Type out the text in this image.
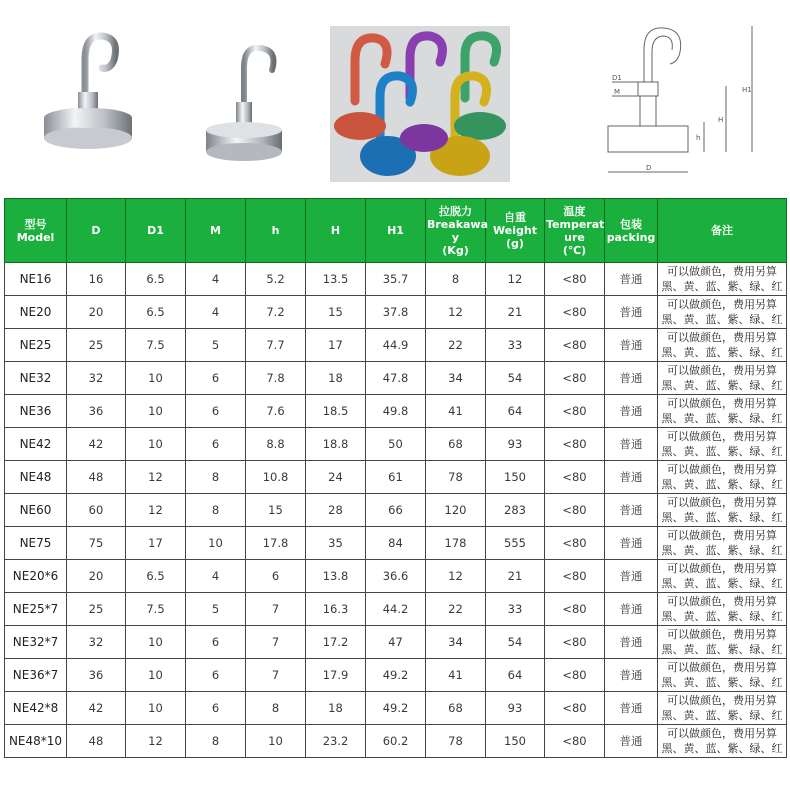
D1
M
D
h
H
H1
型号
Model	D	D1	M	h	H	H1	拉脱力
Breakawa
y
(Kg)	自重
Weight
(g)	温度
Temperat
ure
(℃)	包装
packing	备注
NE16	16	6.5	4	5.2	13.5	35.7	8	12	<80	普通	可以做颜色，费用另算
黑、黄、蓝、紫、绿、红

NE20	20	6.5	4	7.2	15	37.8	12	21	<80	普通	可以做颜色，费用另算
黑、黄、蓝、紫、绿、红

NE25	25	7.5	5	7.7	17	44.9	22	33	<80	普通	可以做颜色，费用另算
黑、黄、蓝、紫、绿、红

NE32	32	10	6	7.8	18	47.8	34	54	<80	普通	可以做颜色，费用另算
黑、黄、蓝、紫、绿、红

NE36	36	10	6	7.6	18.5	49.8	41	64	<80	普通	可以做颜色，费用另算
黑、黄、蓝、紫、绿、红

NE42	42	10	6	8.8	18.8	50	68	93	<80	普通	可以做颜色，费用另算
黑、黄、蓝、紫、绿、红

NE48	48	12	8	10.8	24	61	78	150	<80	普通	可以做颜色，费用另算
黑、黄、蓝、紫、绿、红

NE60	60	12	8	15	28	66	120	283	<80	普通	可以做颜色，费用另算
黑、黄、蓝、紫、绿、红

NE75	75	17	10	17.8	35	84	178	555	<80	普通	可以做颜色，费用另算
黑、黄、蓝、紫、绿、红

NE20*6	20	6.5	4	6	13.8	36.6	12	21	<80	普通	可以做颜色，费用另算
黑、黄、蓝、紫、绿、红

NE25*7	25	7.5	5	7	16.3	44.2	22	33	<80	普通	可以做颜色，费用另算
黑、黄、蓝、紫、绿、红

NE32*7	32	10	6	7	17.2	47	34	54	<80	普通	可以做颜色，费用另算
黑、黄、蓝、紫、绿、红

NE36*7	36	10	6	7	17.9	49.2	41	64	<80	普通	可以做颜色，费用另算
黑、黄、蓝、紫、绿、红

NE42*8	42	10	6	8	18	49.2	68	93	<80	普通	可以做颜色，费用另算
黑、黄、蓝、紫、绿、红

NE48*10	48	12	8	10	23.2	60.2	78	150	<80	普通	可以做颜色，费用另算
黑、黄、蓝、紫、绿、红
